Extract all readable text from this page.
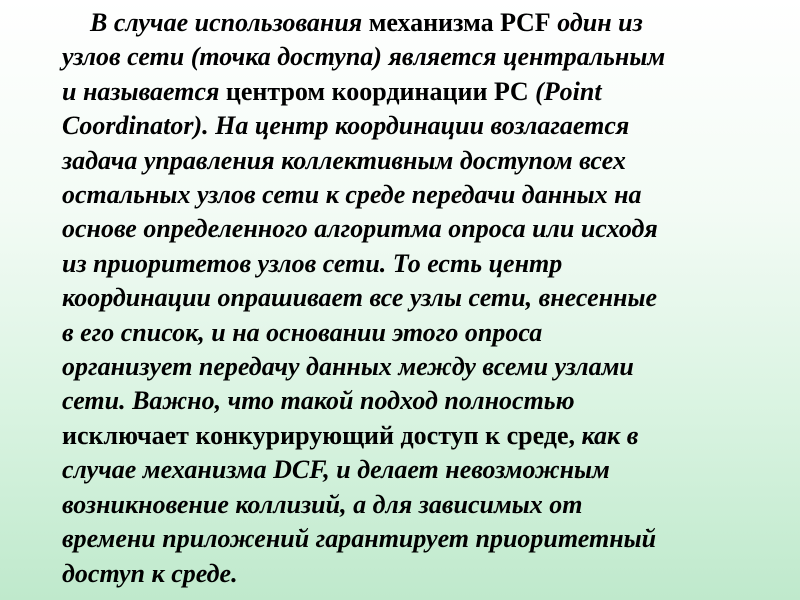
В случае использования механизма PCF один из
узлов сети (точка доступа) является центральным
и называется центром координации PC (Point
Coordinator). На центр координации возлагается
задача управления коллективным доступом всех
остальных узлов сети к среде передачи данных на
основе определенного алгоритма опроса или исходя
из приоритетов узлов сети. То есть центр
координации опрашивает все узлы сети, внесенные
в его список, и на основании этого опроса
организует передачу данных между всеми узлами
сети. Важно, что такой подход полностью
исключает конкурирующий доступ к среде, как в
случае механизма DCF, и делает невозможным
возникновение коллизий, а для зависимых от
времени приложений гарантирует приоритетный
доступ к среде.
